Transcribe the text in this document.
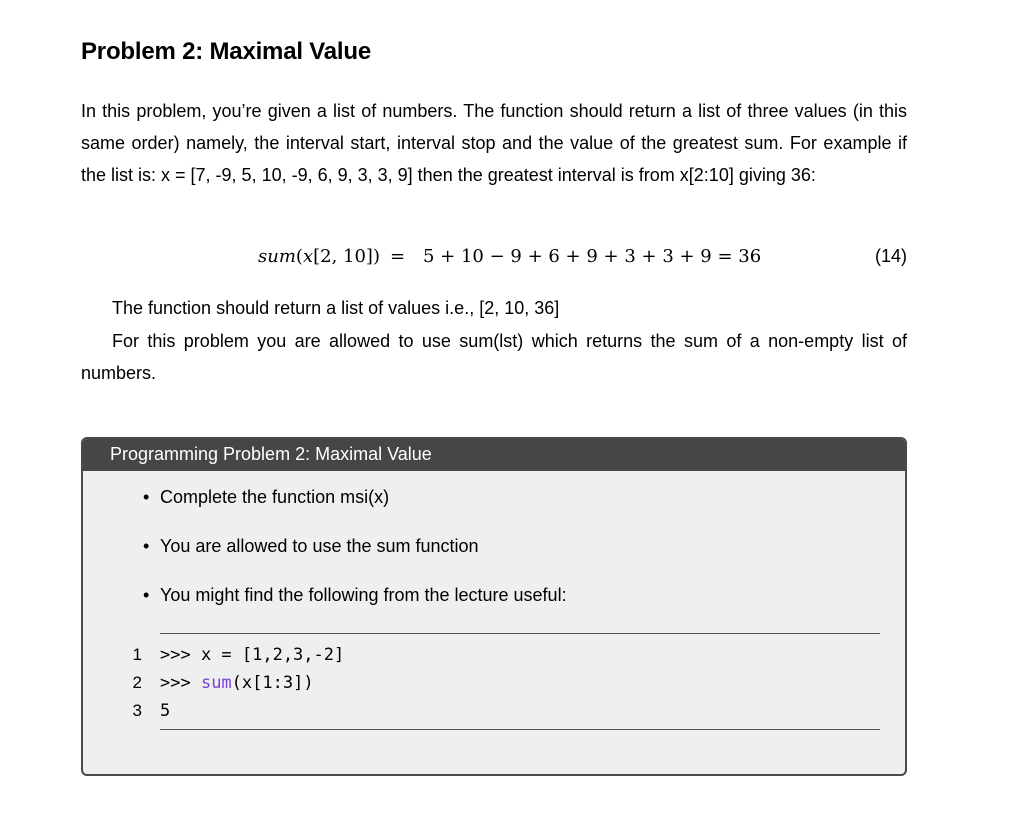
Problem 2: Maximal Value

In this problem, you’re given a list of numbers. The function should return a list of three values (in this same order) namely, the interval start, interval stop and the value of the greatest sum. For example if the list is: x = [7, -9, 5, 10, -9, 6, 9, 3, 3, 9] then the greatest interval is from x[2:10] giving 36:

sum(x[2, 10]) = 5 + 10 − 9 + 6 + 9 + 3 + 3 + 9 = 36	(14)

The function should return a list of values i.e., [2, 10, 36]

For this problem you are allowed to use sum(lst) which returns the sum of a non-empty list of numbers.

Programming Problem 2: Maximal Value
• Complete the function msi(x)
• You are allowed to use the sum function
• You might find the following from the lecture useful:
1 >>> x = [1,2,3,-2]
2 >>> sum(x[1:3])
3 5
